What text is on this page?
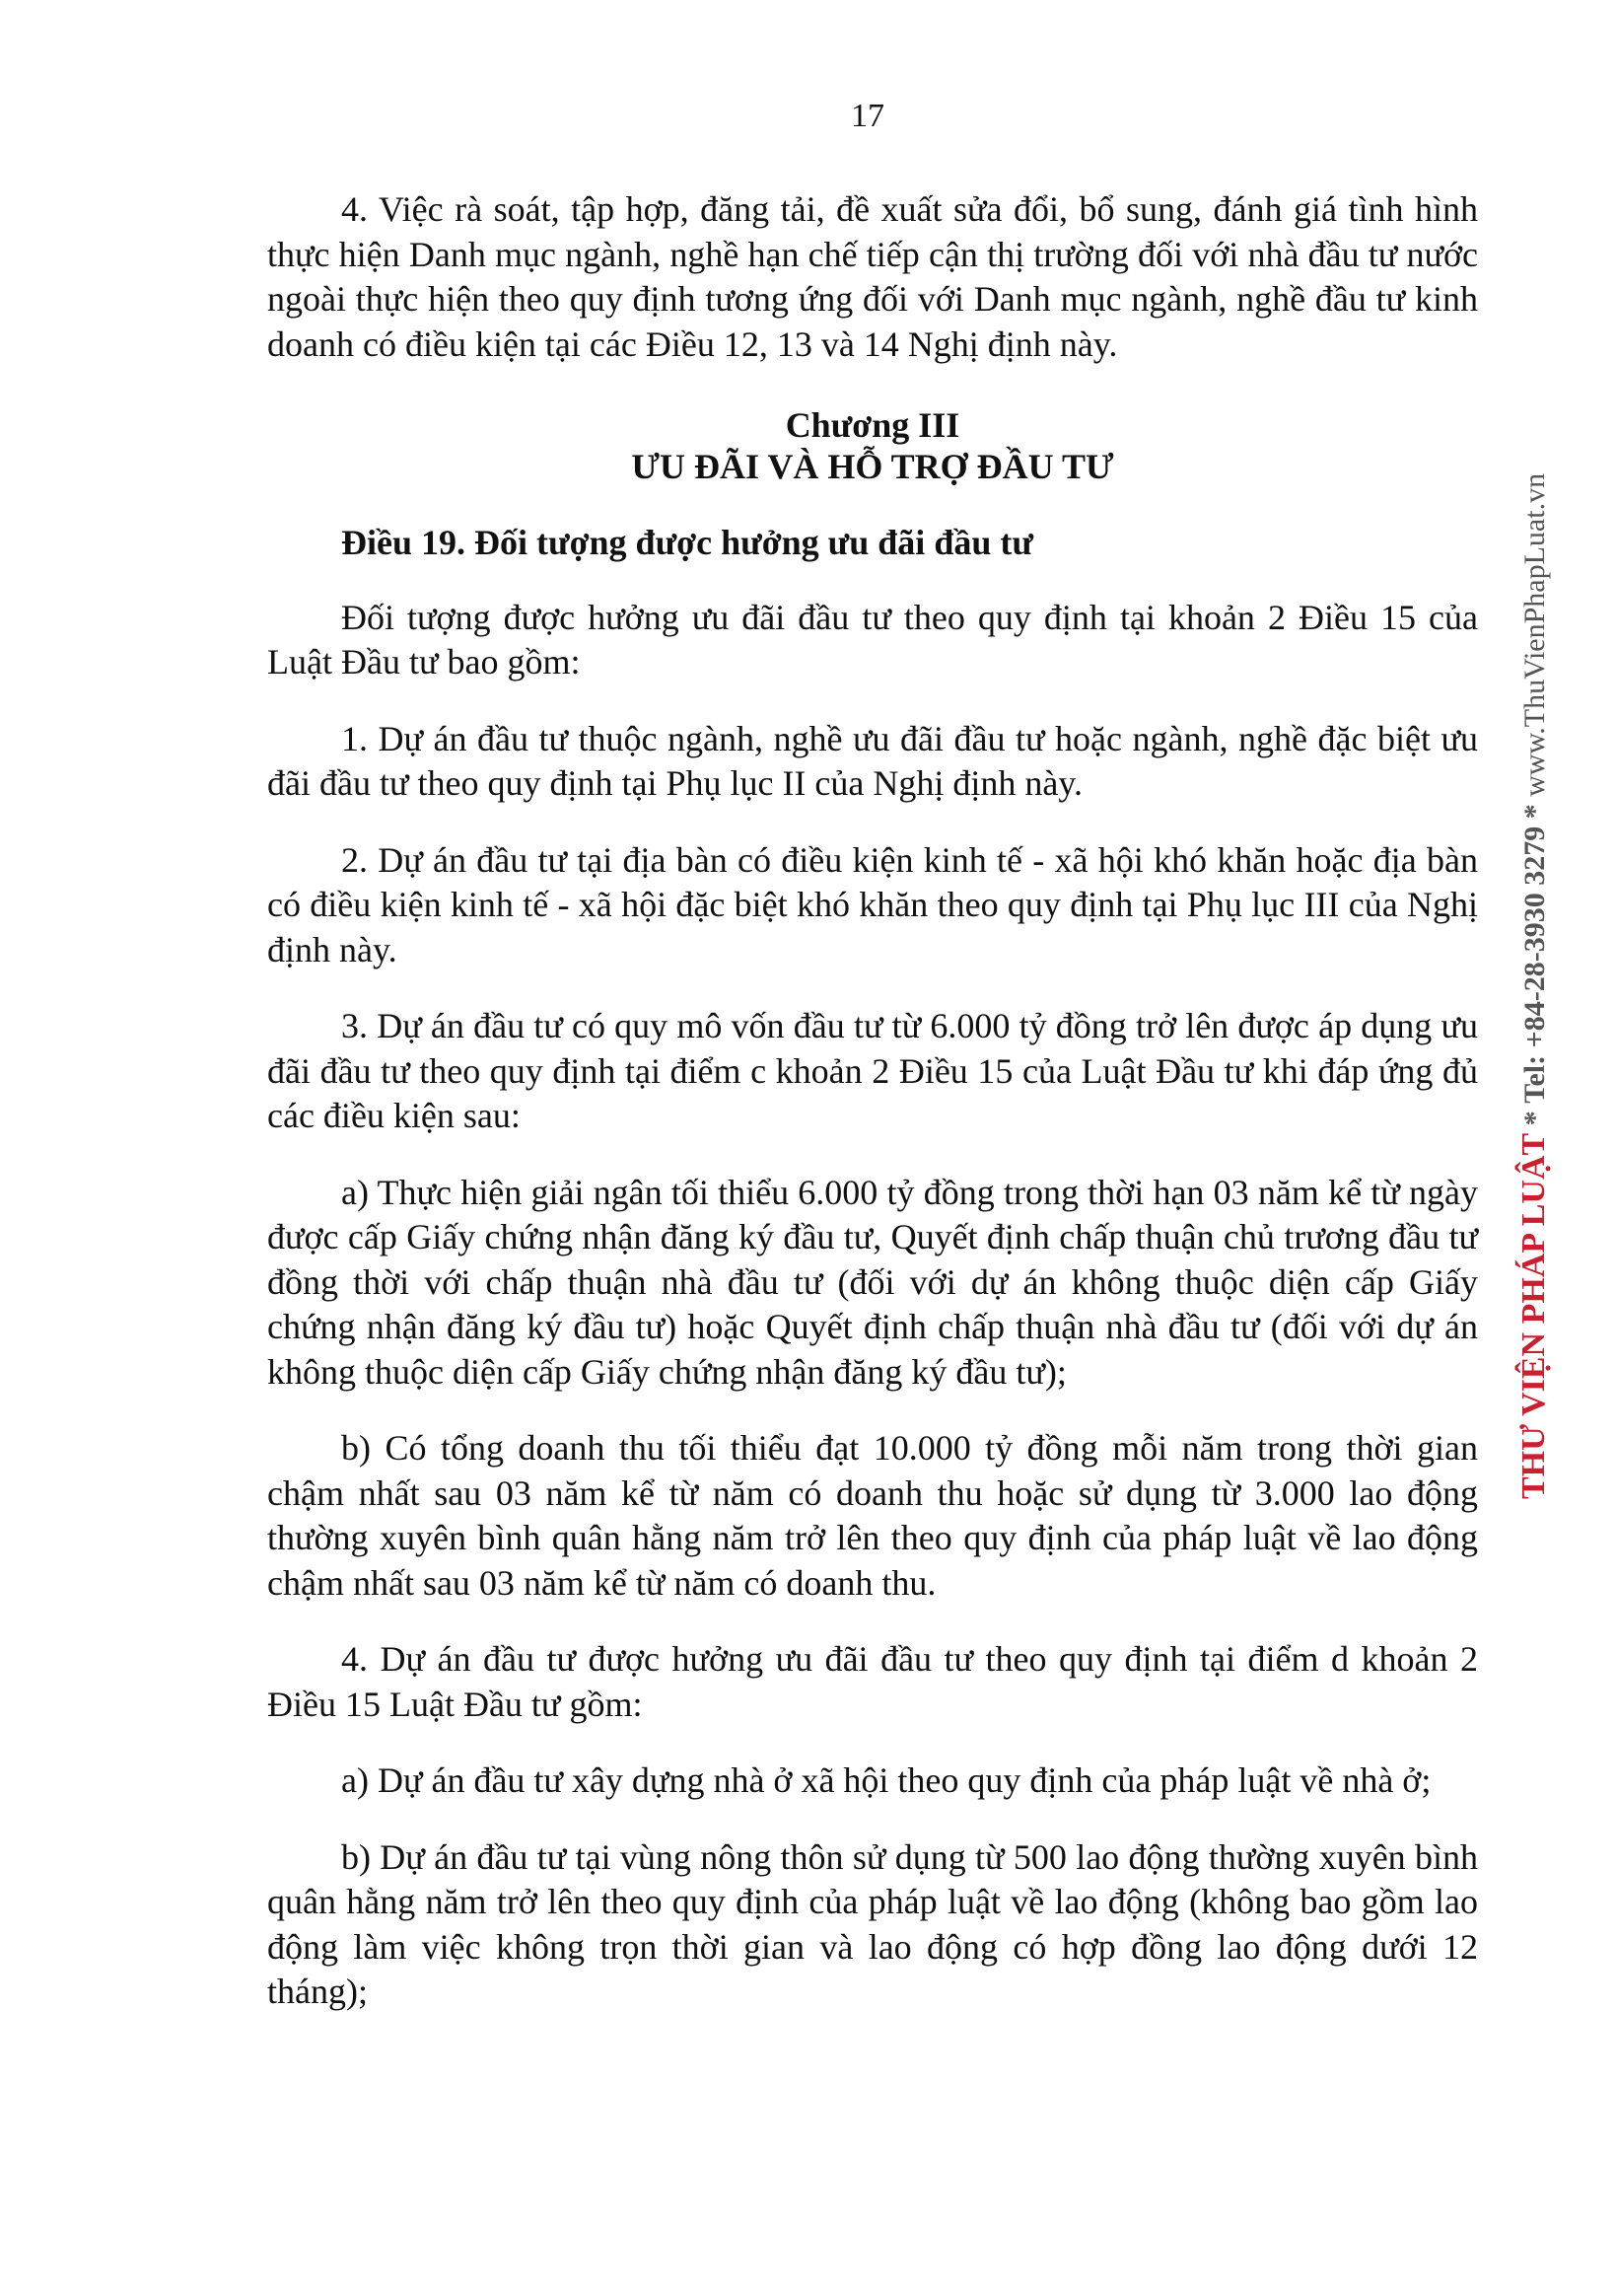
17

4. Việc rà soát, tập hợp, đăng tải, đề xuất sửa đổi, bổ sung, đánh giá tình hình thực hiện Danh mục ngành, nghề hạn chế tiếp cận thị trường đối với nhà đầu tư nước ngoài thực hiện theo quy định tương ứng đối với Danh mục ngành, nghề đầu tư kinh doanh có điều kiện tại các Điều 12, 13 và 14 Nghị định này.

Chương III
ƯU ĐÃI VÀ HỖ TRỢ ĐẦU TƯ

Điều 19. Đối tượng được hưởng ưu đãi đầu tư

Đối tượng được hưởng ưu đãi đầu tư theo quy định tại khoản 2 Điều 15 của Luật Đầu tư bao gồm:

1. Dự án đầu tư thuộc ngành, nghề ưu đãi đầu tư hoặc ngành, nghề đặc biệt ưu đãi đầu tư theo quy định tại Phụ lục II của Nghị định này.

2. Dự án đầu tư tại địa bàn có điều kiện kinh tế - xã hội khó khăn hoặc địa bàn có điều kiện kinh tế - xã hội đặc biệt khó khăn theo quy định tại Phụ lục III của Nghị định này.

3. Dự án đầu tư có quy mô vốn đầu tư từ 6.000 tỷ đồng trở lên được áp dụng ưu đãi đầu tư theo quy định tại điểm c khoản 2 Điều 15 của Luật Đầu tư khi đáp ứng đủ các điều kiện sau:

a) Thực hiện giải ngân tối thiểu 6.000 tỷ đồng trong thời hạn 03 năm kể từ ngày được cấp Giấy chứng nhận đăng ký đầu tư, Quyết định chấp thuận chủ trương đầu tư đồng thời với chấp thuận nhà đầu tư (đối với dự án không thuộc diện cấp Giấy chứng nhận đăng ký đầu tư) hoặc Quyết định chấp thuận nhà đầu tư (đối với dự án không thuộc diện cấp Giấy chứng nhận đăng ký đầu tư);

b) Có tổng doanh thu tối thiểu đạt 10.000 tỷ đồng mỗi năm trong thời gian chậm nhất sau 03 năm kể từ năm có doanh thu hoặc sử dụng từ 3.000 lao động thường xuyên bình quân hằng năm trở lên theo quy định của pháp luật về lao động chậm nhất sau 03 năm kể từ năm có doanh thu.

4. Dự án đầu tư được hưởng ưu đãi đầu tư theo quy định tại điểm d khoản 2 Điều 15 Luật Đầu tư gồm:

a) Dự án đầu tư xây dựng nhà ở xã hội theo quy định của pháp luật về nhà ở;

b) Dự án đầu tư tại vùng nông thôn sử dụng từ 500 lao động thường xuyên bình quân hằng năm trở lên theo quy định của pháp luật về lao động (không bao gồm lao động làm việc không trọn thời gian và lao động có hợp đồng lao động dưới 12 tháng);

THƯ VIỆN PHÁP LUẬT * Tel: +84-28-3930 3279 * www.ThuVienPhapLuat.vn
